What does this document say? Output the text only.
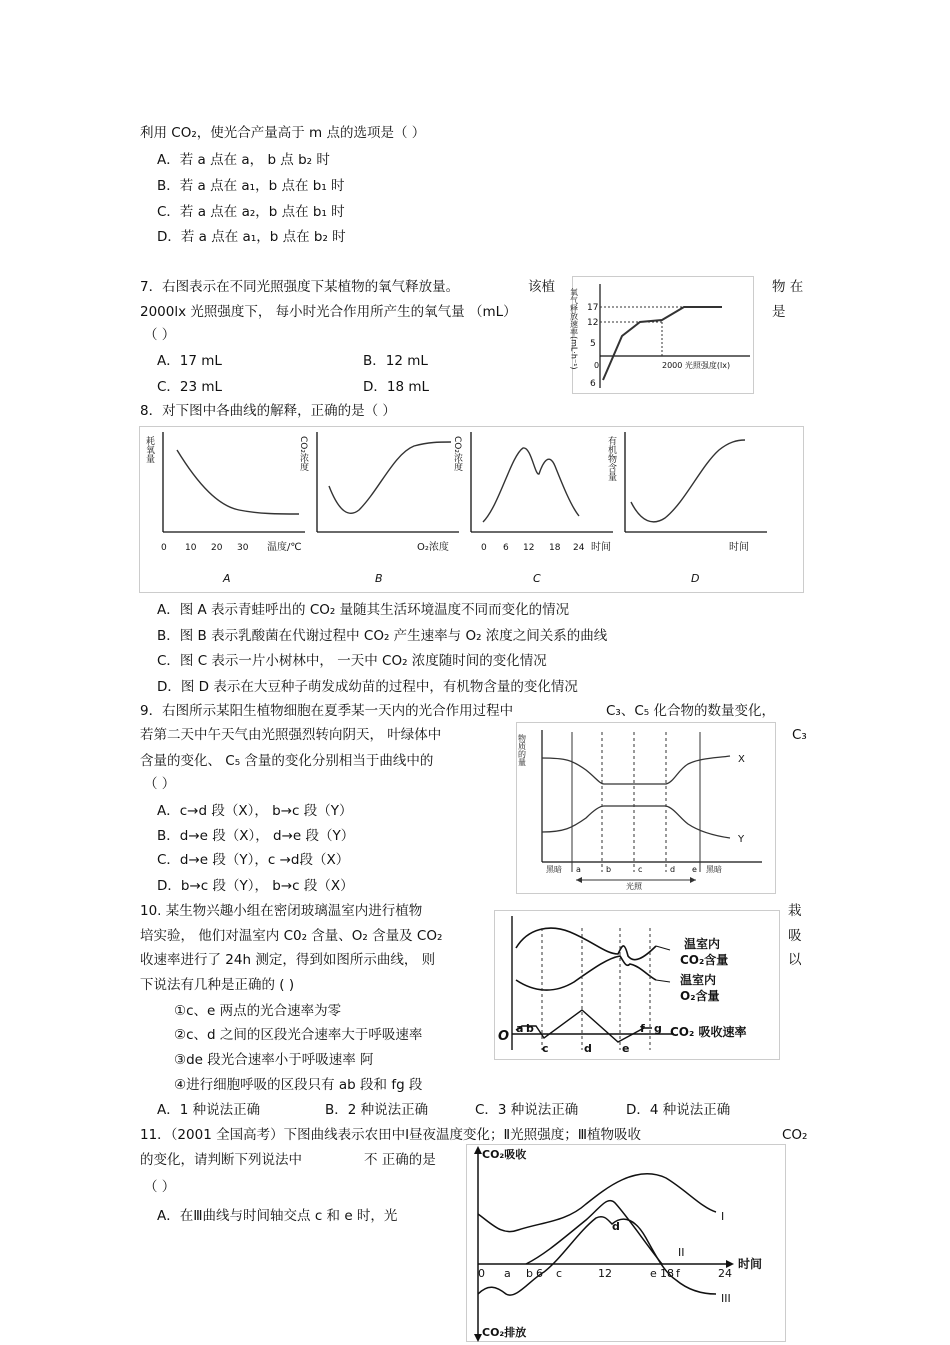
利用 CO₂，使光合产量高于 m 点的选项是（ ）
A．若 a 点在 a， b 点 b₂ 时
B．若 a 点在 a₁，b 点在 b₁ 时
C．若 a 点在 a₂，b 点在 b₁ 时
D．若 a 点在 a₁，b 点在 b₂ 时
7．右图表示在不同光照强度下某植物的氧气释放量。	该植	物 在
2000lx 光照强度下， 每小时光合作用所产生的氧气量 （mL）	是
（ ）
A．17 mL	B．12 mL
C．23 mL	D．18 mL
氧气释放速率(mL·h⁻¹) 17
12
5
6
0	2000 光照强度(lx)
8．对下图中各曲线的解释，正确的是（ ）
耗氧量
0 10 20 30 温度/℃
A
CO₂浓度
O₂浓度
B
CO₂浓度
0 6 12 18 24 时间
C
有机物含量
时间
D
A．图 A 表示青蛙呼出的 CO₂ 量随其生活环境温度不同而变化的情况
B．图 B 表示乳酸菌在代谢过程中 CO₂ 产生速率与 O₂ 浓度之间关系的曲线
C．图 C 表示一片小树林中， 一天中 CO₂ 浓度随时间的变化情况
D．图 D 表示在大豆种子萌发成幼苗的过程中，有机物含量的变化情况
9．右图所示某阳生植物细胞在夏季某一天内的光合作用过程中	C₃、C₅ 化合物的数量变化，
若第二天中午天气由光照强烈转向阴天， 叶绿体中	C₃
含量的变化、 C₅ 含量的变化分别相当于曲线中的
（ ）
A．c→d 段（X）， b→c 段（Y）
B．d→e 段（X）， d→e 段（Y）
C．d→e 段（Y），c →d段（X）
D．b→c 段（Y）， b→c 段（X）
物质的量	X
Y
黑暗 a	b	c	d e 黑暗
光照
10. 某生物兴趣小组在密闭玻璃温室内进行植物	栽
培实验， 他们对温室内 C0₂ 含量、O₂ 含量及 CO₂	吸
收速率进行了 24h 测定，得到如图所示曲线， 则	以
下说法有几种是正确的 ( )
①c、e 两点的光合速率为零
②c、d 之间的区段光合速率大于呼吸速率
③de 段光合速率小于呼吸速率 阿
④进行细胞呼吸的区段只有 ab 段和 fg 段
A．1 种说法正确	B．2 种说法正确	C．3 种说法正确	D．4 种说法正确
温室内
CO₂含量
温室内
O₂含量
CO₂ 吸收速率
O
a b
c	d	e
f g
11．（2001 全国高考）下图曲线表示农田中Ⅰ昼夜温度变化；Ⅱ光照强度；Ⅲ植物吸收	CO₂
的变化，请判断下列说法中	不 正确的是
（ ）
A．在Ⅲ曲线与时间轴交点 c 和 e 时，光
CO₂吸收
CO₂排放
时间
I
II
III
d
0 a b 6 c	12	e 18 f	24
